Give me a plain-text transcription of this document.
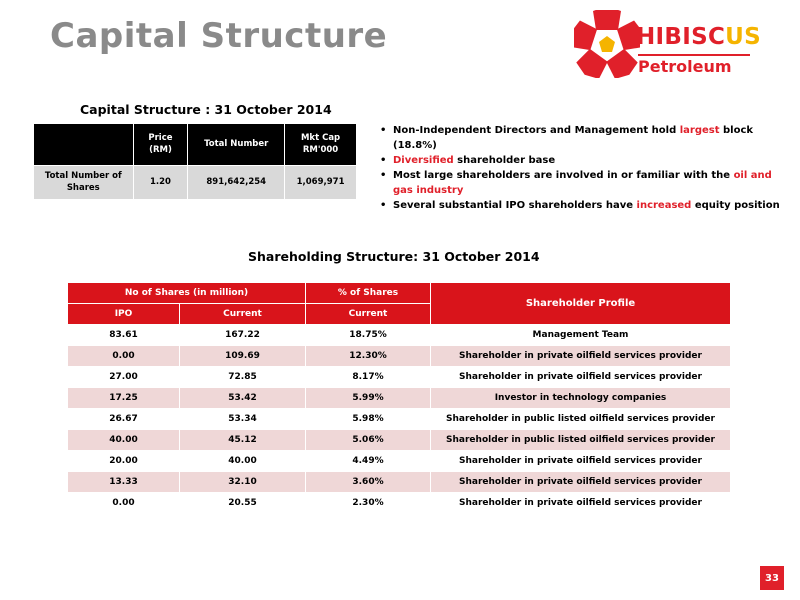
Capital Structure	HIBISCUS
Petroleum
Capital Structure : 31 October 2014
	Price (RM)	Total Number	Mkt Cap RM'000
Total Number of Shares	1.20	891,642,254	1,069,971
• Non-Independent Directors and Management hold largest block (18.8%)
• Diversified shareholder base
• Most large shareholders are involved in or familiar with the oil and gas industry
• Several substantial IPO shareholders have increased equity position
Shareholding Structure: 31 October 2014
No of Shares (in million)		% of Shares	Shareholder Profile
IPO	Current	Current	
83.61	167.22	18.75%	Management Team
0.00	109.69	12.30%	Shareholder in private oilfield services provider
27.00	72.85	8.17%	Shareholder in private oilfield services provider
17.25	53.42	5.99%	Investor in technology companies
26.67	53.34	5.98%	Shareholder in public listed oilfield services provider
40.00	45.12	5.06%	Shareholder in public listed oilfield services provider
20.00	40.00	4.49%	Shareholder in private oilfield services provider
13.33	32.10	3.60%	Shareholder in private oilfield services provider
0.00	20.55	2.30%	Shareholder in private oilfield services provider
33
